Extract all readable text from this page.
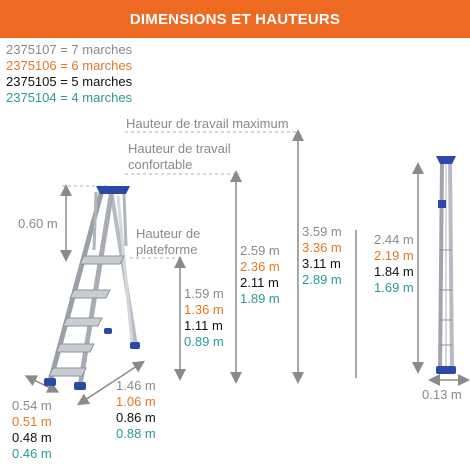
DIMENSIONS ET HAUTEURS
2375107 = 7 marches
2375106 = 6 marches
2375105 = 5 marches
2375104 = 4 marches
Hauteur de travail maximum
Hauteur de travail
confortable
Hauteur de
plateforme
0.60 m
0.13 m
1.59 m
1.36 m
1.11 m
0.89 m
2.59 m
2.36 m
2.11 m
1.89 m
3.59 m
3.36 m
3.11 m
2.89 m
2.44 m
2.19 m
1.84 m
1.69 m
0.54 m
0.51 m
0.48 m
0.46 m
1.46 m
1.06 m
0.86 m
0.88 m
